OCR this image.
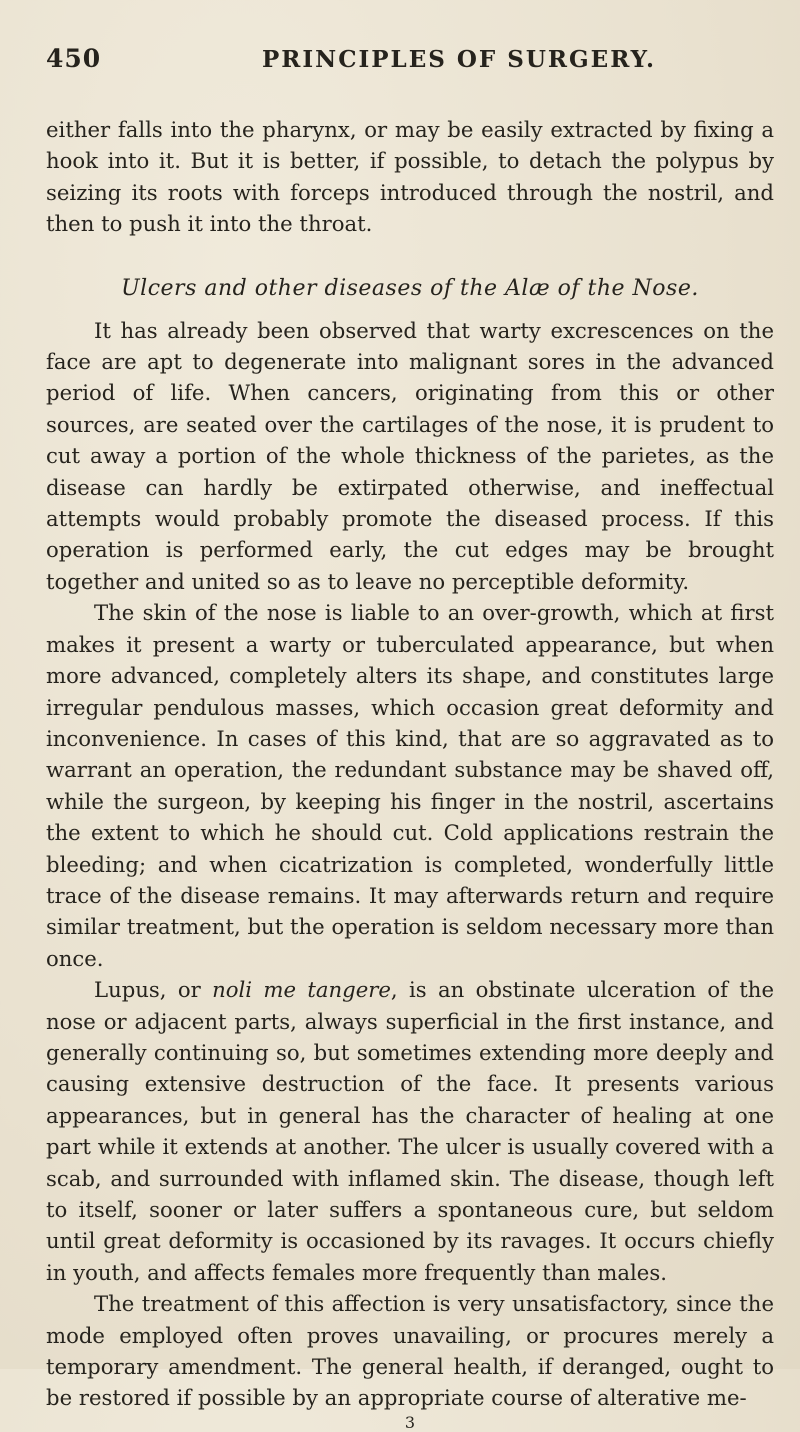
450	PRINCIPLES OF SURGERY.

either falls into the pharynx, or may be easily extracted by fixing a hook into it. But it is better, if possible, to detach the polypus by seizing its roots with forceps introduced through the nostril, and then to push it into the throat.

Ulcers and other diseases of the Alæ of the Nose.

It has already been observed that warty excrescences on the face are apt to degenerate into malignant sores in the advanced period of life. When cancers, originating from this or other sources, are seated over the cartilages of the nose, it is prudent to cut away a portion of the whole thickness of the parietes, as the disease can hardly be extirpated otherwise, and ineffectual attempts would probably promote the diseased process. If this operation is performed early, the cut edges may be brought together and united so as to leave no perceptible deformity.

The skin of the nose is liable to an over-growth, which at first makes it present a warty or tuberculated appearance, but when more advanced, completely alters its shape, and constitutes large irregular pendulous masses, which occasion great deformity and inconvenience. In cases of this kind, that are so aggravated as to warrant an operation, the redundant substance may be shaved off, while the surgeon, by keeping his finger in the nostril, ascertains the extent to which he should cut. Cold applications restrain the bleeding; and when cicatrization is completed, wonderfully little trace of the disease remains. It may afterwards return and require similar treatment, but the operation is seldom necessary more than once.

Lupus, or noli me tangere, is an obstinate ulceration of the nose or adjacent parts, always superficial in the first instance, and generally continuing so, but sometimes extending more deeply and causing extensive destruction of the face. It presents various appearances, but in general has the character of healing at one part while it extends at another. The ulcer is usually covered with a scab, and surrounded with inflamed skin. The disease, though left to itself, sooner or later suffers a spontaneous cure, but seldom until great deformity is occasioned by its ravages. It occurs chiefly in youth, and affects females more frequently than males.

The treatment of this affection is very unsatisfactory, since the mode employed often proves unavailing, or procures merely a temporary amendment. The general health, if deranged, ought to be restored if possible by an appropriate course of alterative me-

3
